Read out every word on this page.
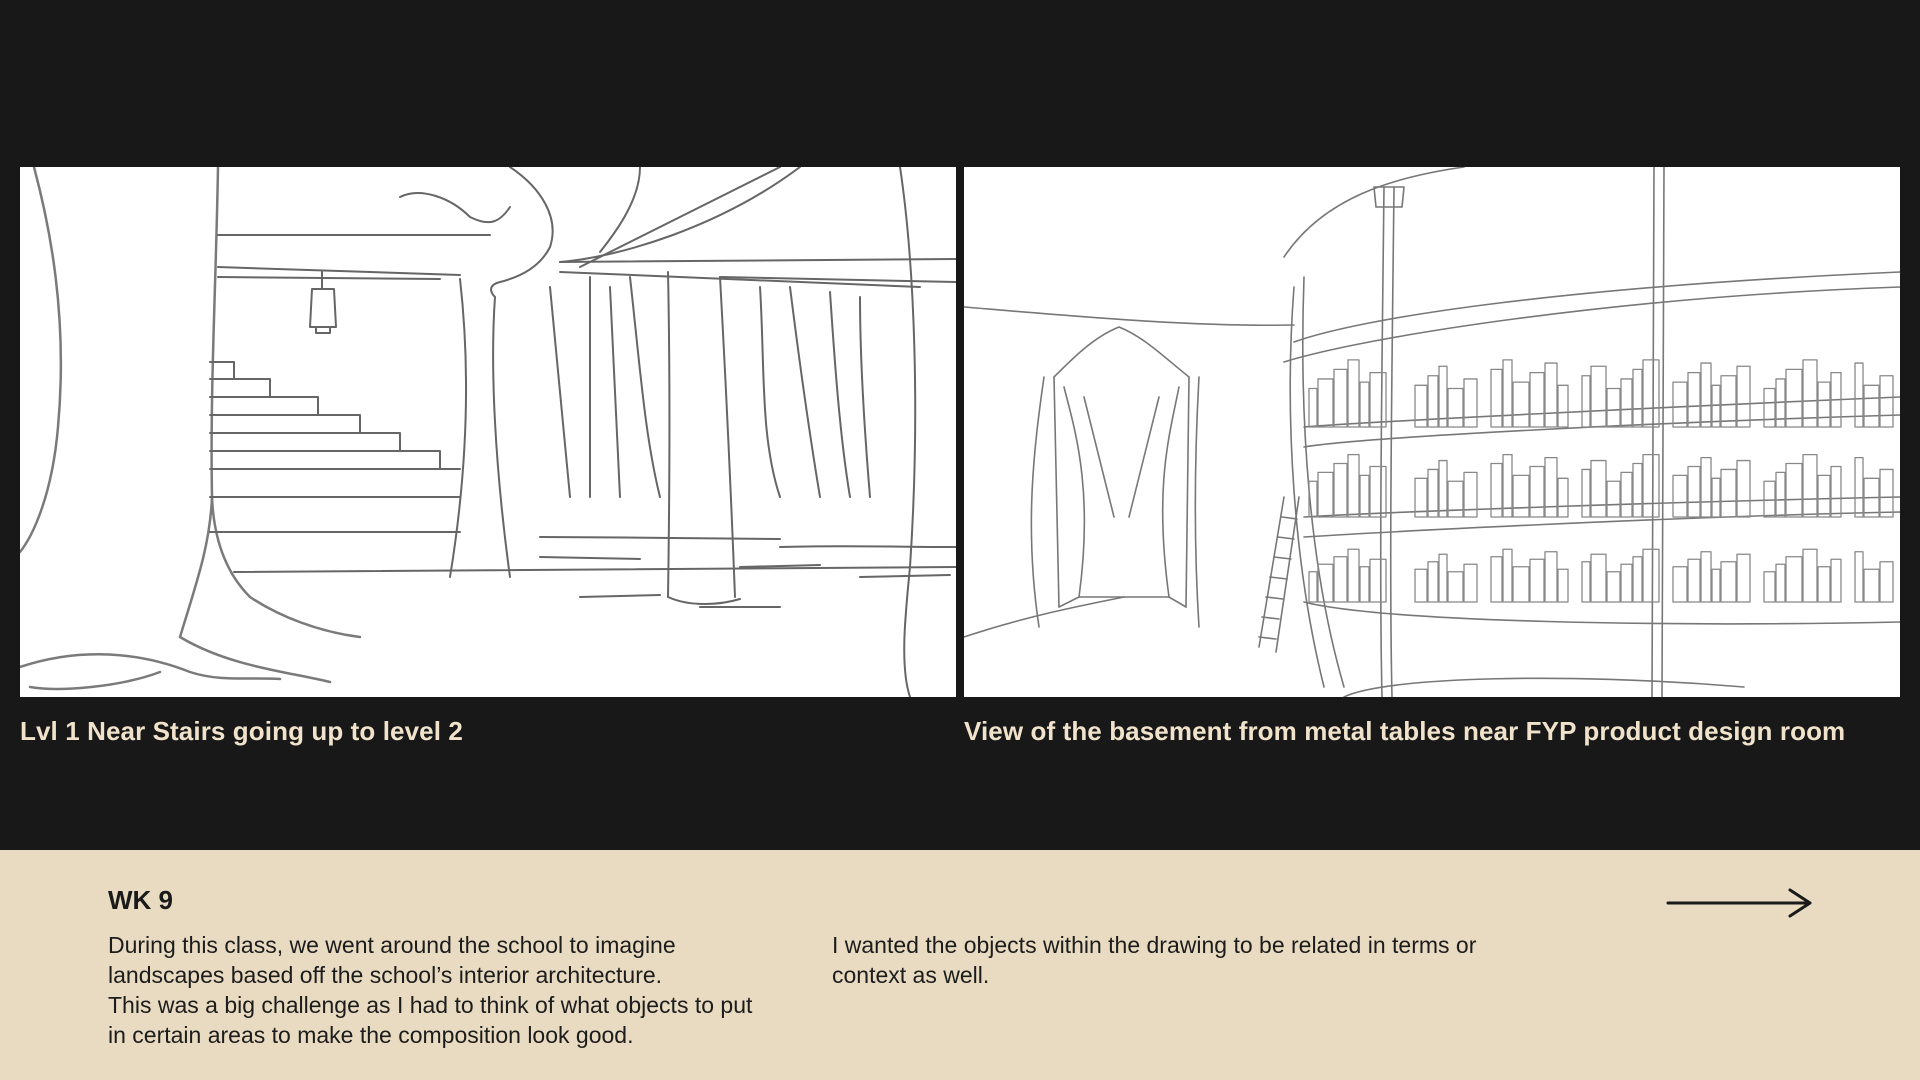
Lvl 1 Near Stairs going up to level 2	View of the basement from metal tables near FYP product design room
WK 9
During this class, we went around the school to imagine
landscapes based off the school’s interior architecture.
This was a big challenge as I had to think of what objects to put
in certain areas to make the composition look good.
I wanted the objects within the drawing to be related in terms or
context as well.
